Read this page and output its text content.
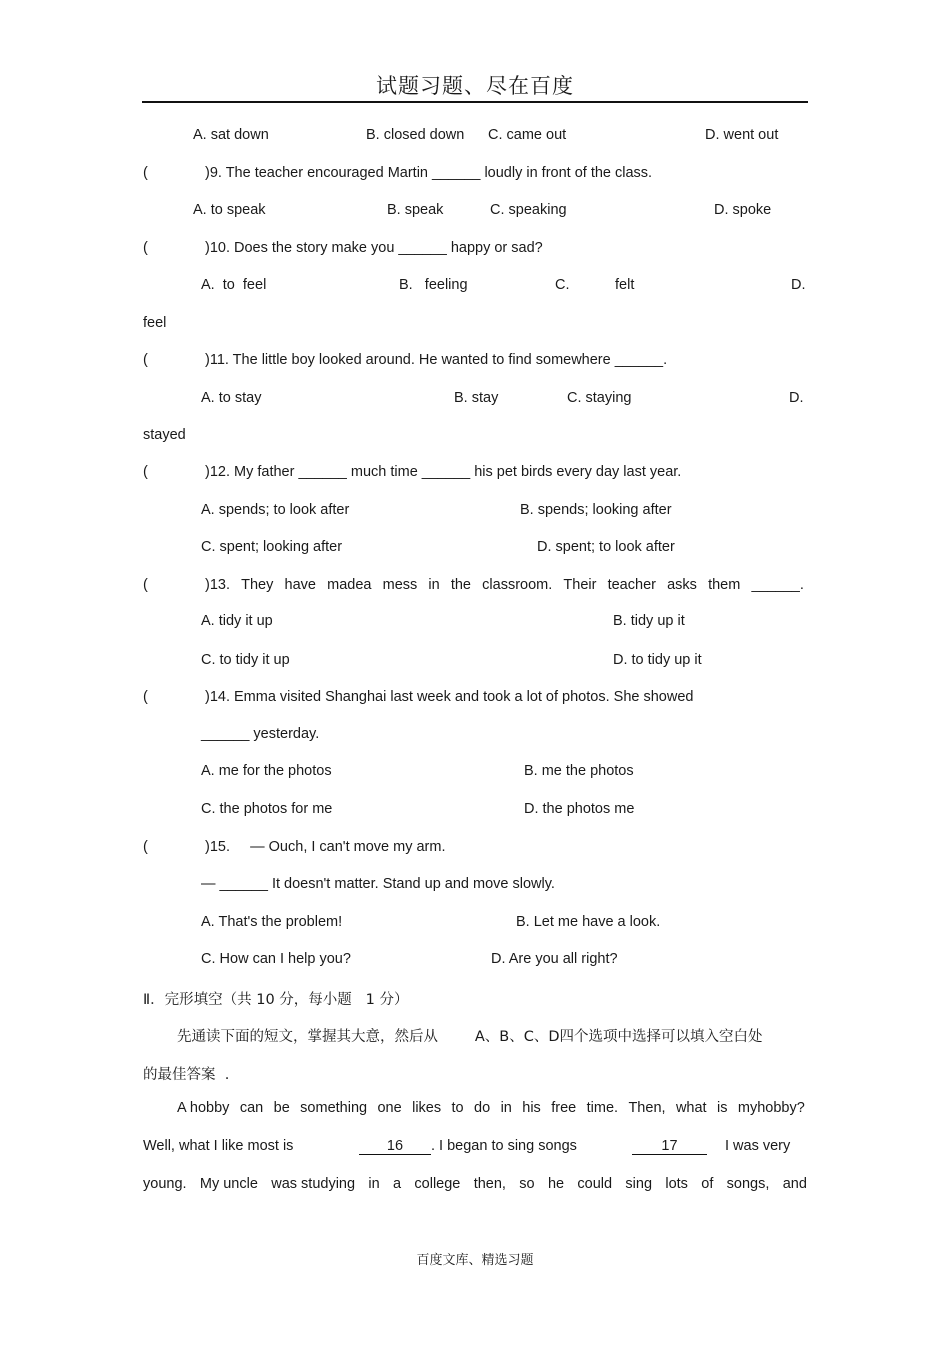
试题习题、尽在百度
A. sat down	B. closed down C. came out	D. went out
(	)9. The teacher encouraged Martin ______ loudly in front of the class.
A. to speak	B. speak	C. speaking	D. spoke
(	)10. Does the story make you ______ happy or sad?
A.  to  feel	B.   feeling	C.	felt	D.
feel
(	)11. The little boy looked around. He wanted to find somewhere ______.
A. to stay	B. stay	C. staying	D.
stayed
(	)12. My father ______ much time ______ his pet birds every day last year.
A. spends; to look after	B. spends; looking after
C. spent; looking after	D. spent; to look after
(	)13. They have madea mess in the classroom. Their teacher asks them ______.
A. tidy it up	B. tidy up it
C. to tidy it up	D. to tidy up it
(	)14. Emma visited Shanghai last week and took a lot of photos. She showed
______ yesterday.
A. me for the photos	B. me the photos
C. the photos for me	D. the photos me
(	)15.     — Ouch, I can't move my arm.
— ______ It doesn't matter. Stand up and move slowly.
A. That's the problem!	B. Let me have a look.
C. How can I help you?	D. Are you all right?
Ⅱ．完形填空（共 10 分，每小题   1 分）
先通读下面的短文，掌握其大意，然后从        A、B、C、D四个选项中选择可以填入空白处
的最佳答案  .
A hobby can be something one likes to do in his free time. Then, what is myhobby?
Well, what I like most is	16	. I began to sing songs	17	I was very
young. My uncle was studying in a college then, so he could sing lots of songs, and
百度文库、精选习题
